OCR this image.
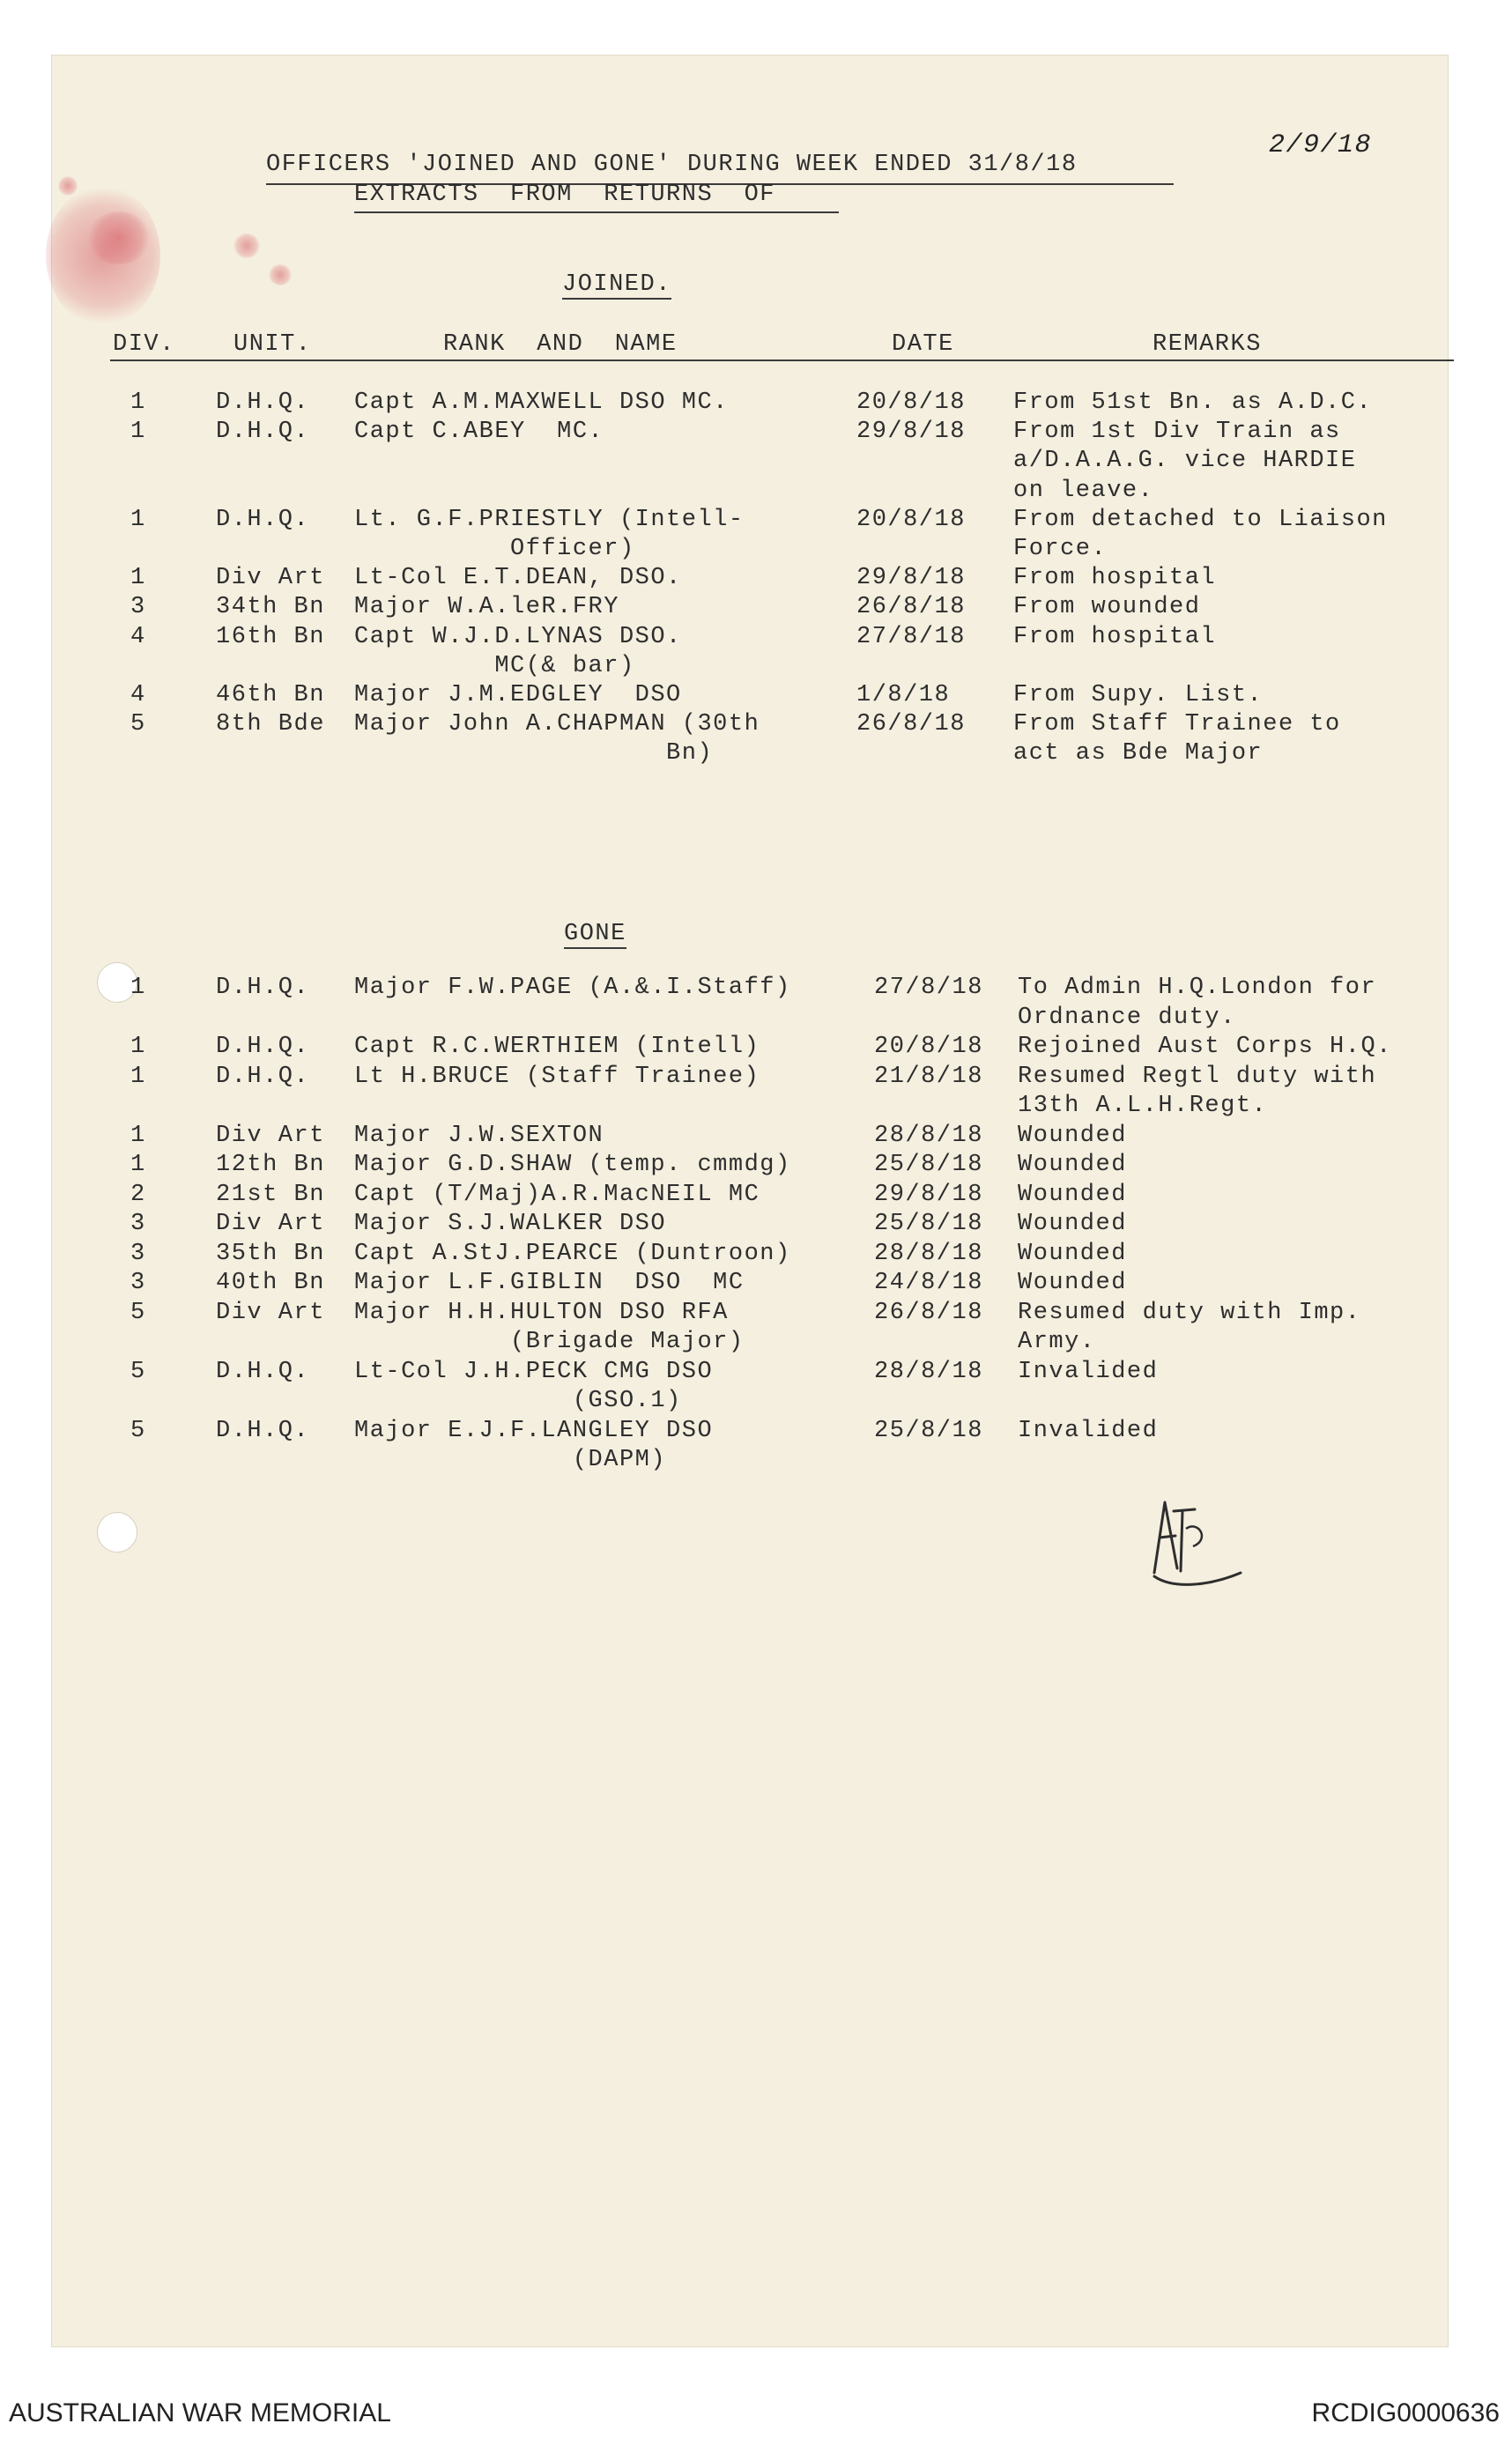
OFFICERS 'JOINED AND GONE' DURING WEEK ENDED 31/8/18
EXTRACTS  FROM  RETURNS  OF
2/9/18
JOINED.
DIV. UNIT.	RANK  AND  NAME	DATE	REMARKS
1	D.H.Q. Capt A.M.MAXWELL DSO MC.	20/8/18 From 51st Bn. as A.D.C.
1	D.H.Q. Capt C.ABEY  MC.	29/8/18 From 1st Div Train as
a/D.A.A.G. vice HARDIE
on leave.
1	D.H.Q. Lt. G.F.PRIESTLY (Intell-	20/8/18 From detached to Liaison
Officer)	Force.
1	Div Art Lt-Col E.T.DEAN, DSO.	29/8/18 From hospital
3	34th Bn Major W.A.leR.FRY	26/8/18 From wounded
4	16th Bn Capt W.J.D.LYNAS DSO.	27/8/18 From hospital
MC(& bar)
4	46th Bn Major J.M.EDGLEY  DSO	1/8/18	From Supy. List.
5	8th Bde Major John A.CHAPMAN (30th	26/8/18 From Staff Trainee to
Bn)	act as Bde Major
GONE
1	D.H.Q. Major F.W.PAGE (A.&.I.Staff)	27/8/18 To Admin H.Q.London for
Ordnance duty.
1	D.H.Q. Capt R.C.WERTHIEM (Intell)	20/8/18 Rejoined Aust Corps H.Q.
1	D.H.Q. Lt H.BRUCE (Staff Trainee)	21/8/18 Resumed Regtl duty with
13th A.L.H.Regt.
1	Div Art Major J.W.SEXTON	28/8/18 Wounded
1	12th Bn Major G.D.SHAW (temp. cmmdg)	25/8/18 Wounded
2	21st Bn Capt (T/Maj)A.R.MacNEIL MC	29/8/18 Wounded
3	Div Art Major S.J.WALKER DSO	25/8/18 Wounded
3	35th Bn Capt A.StJ.PEARCE (Duntroon)	28/8/18 Wounded
3	40th Bn Major L.F.GIBLIN  DSO  MC	24/8/18 Wounded
5	Div Art Major H.H.HULTON DSO RFA	26/8/18 Resumed duty with Imp.
(Brigade Major)	Army.
5	D.H.Q. Lt-Col J.H.PECK CMG DSO	28/8/18 Invalided
(GSO.1)
5	D.H.Q. Major E.J.F.LANGLEY DSO	25/8/18 Invalided
(DAPM)
AUSTRALIAN WAR MEMORIAL	RCDIG0000636
